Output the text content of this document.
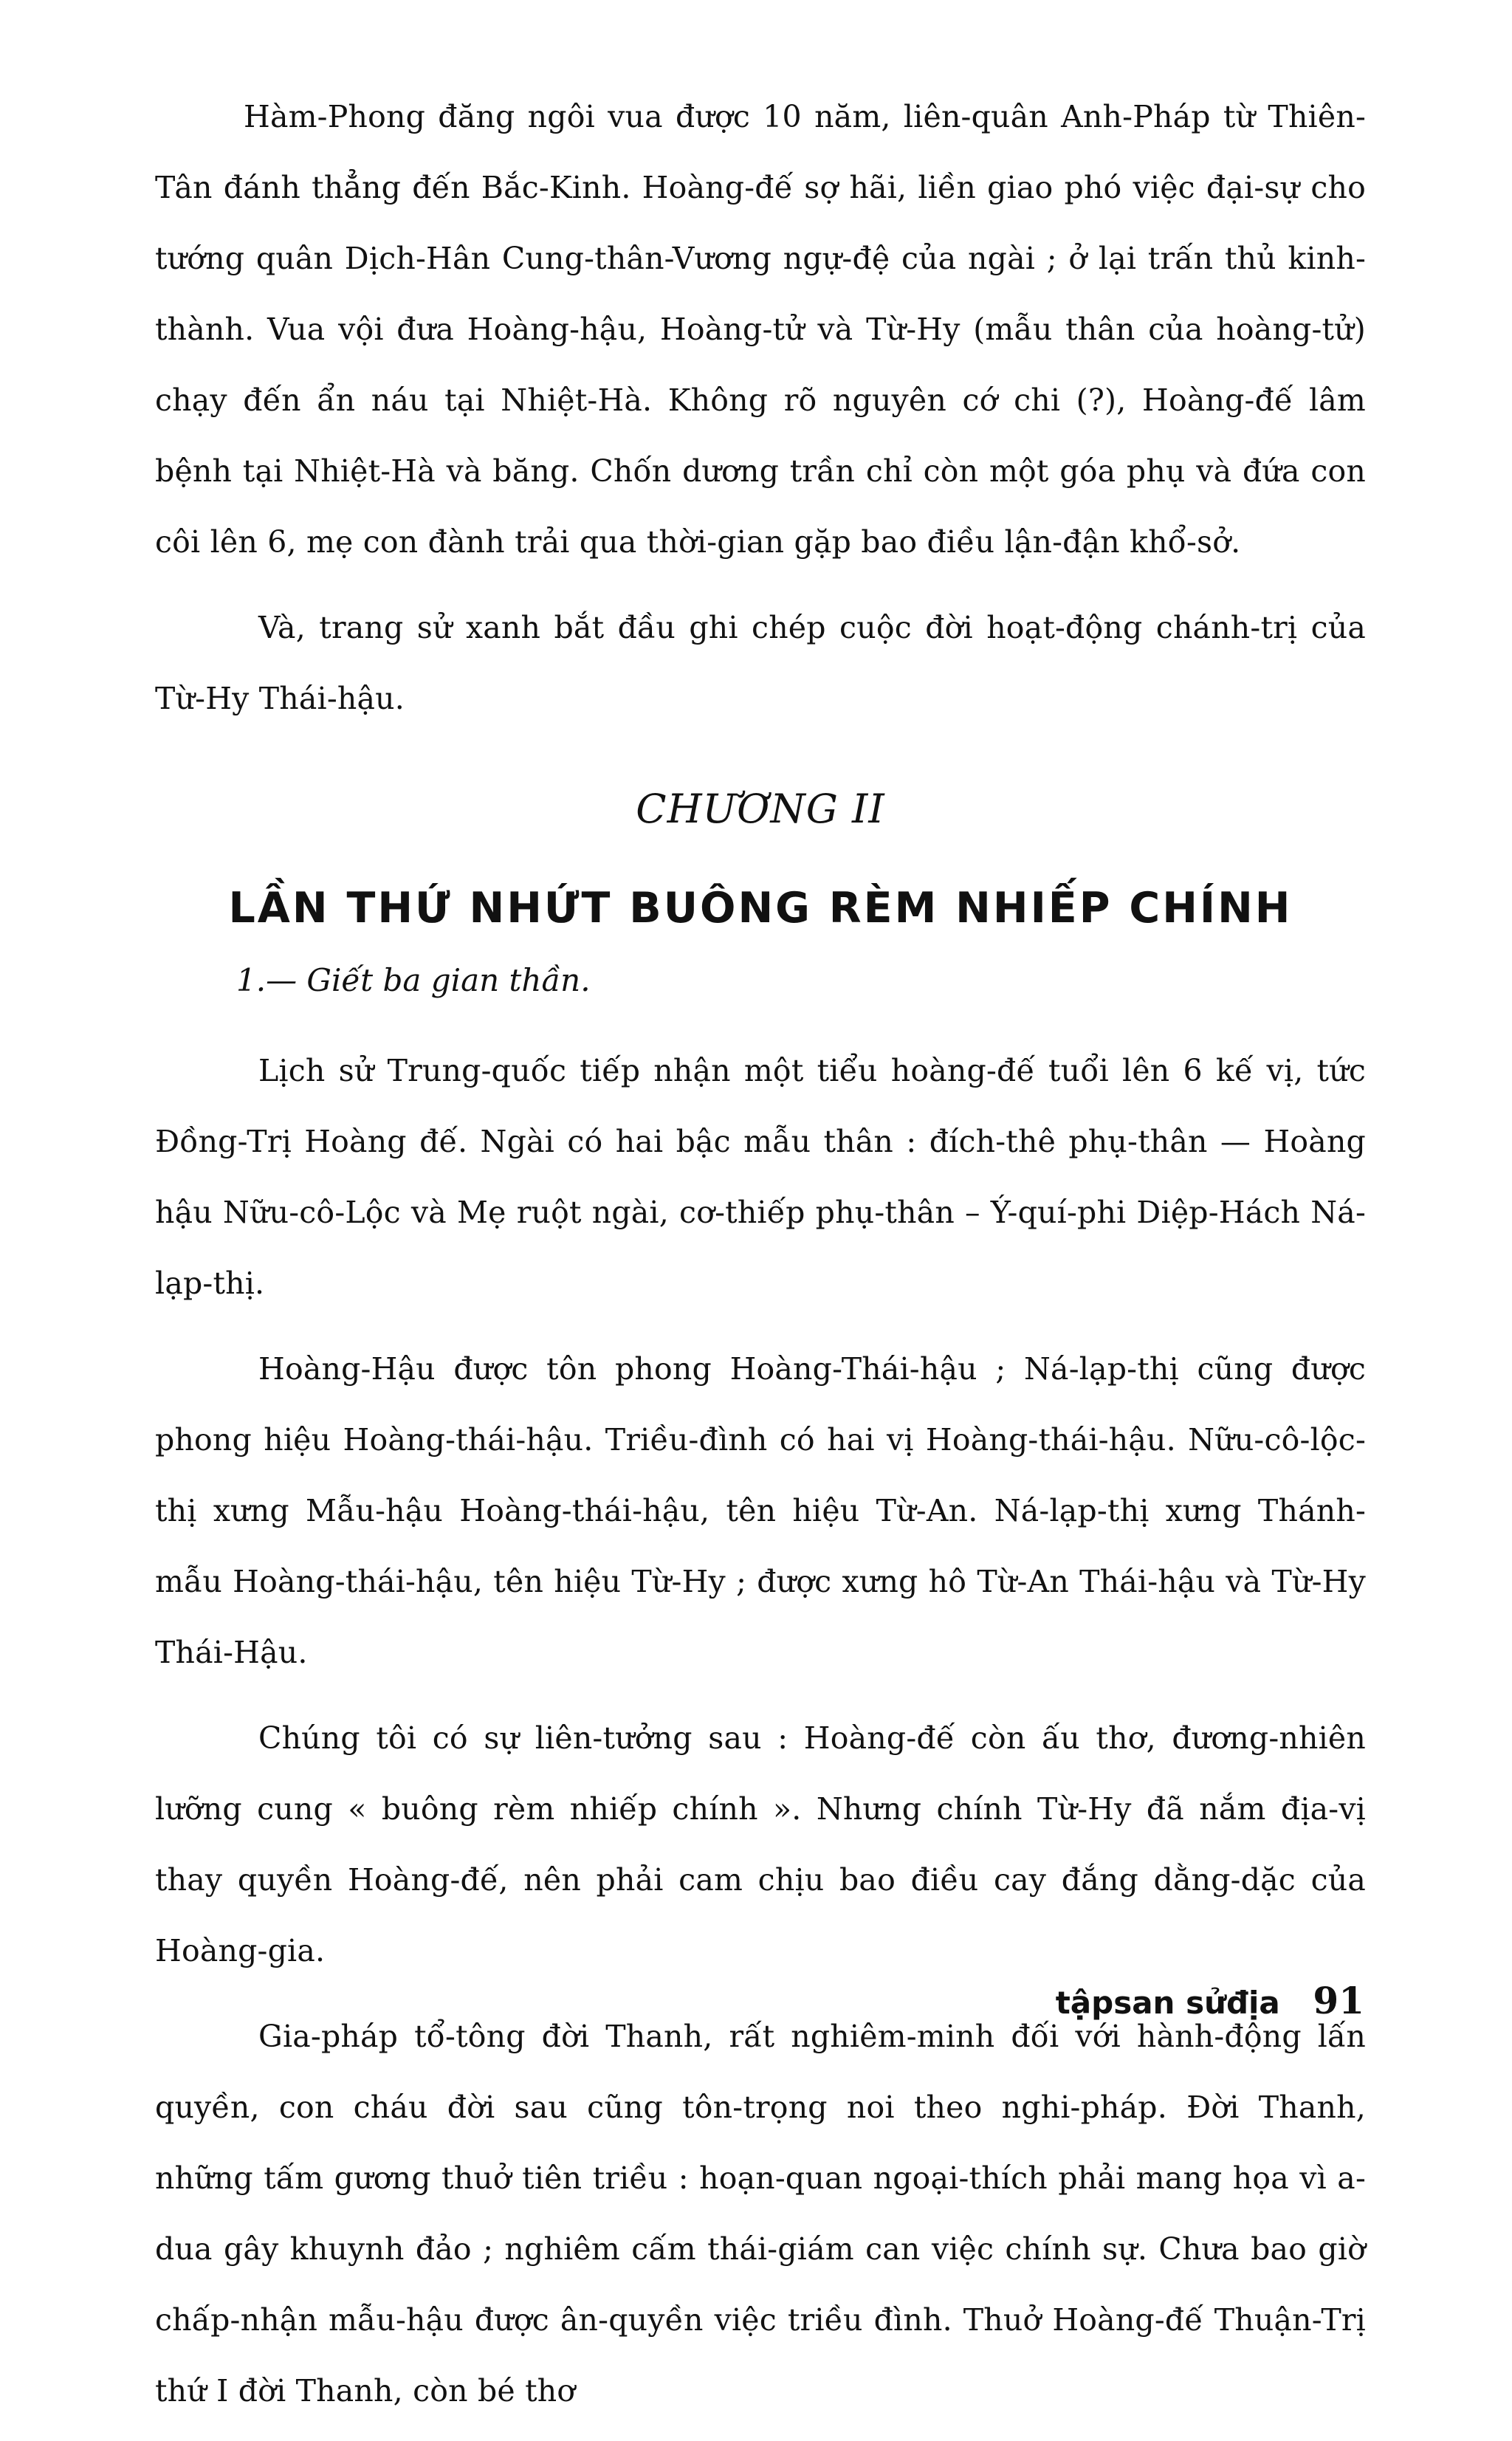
Hàm-Phong đăng ngôi vua được 10 năm, liên-quân Anh-Pháp từ Thiên-Tân đánh thẳng đến Bắc-Kinh. Hoàng-đế sợ hãi, liền giao phó việc đại-sự cho tướng quân Dịch-Hân Cung-thân-Vương ngự-đệ của ngài ; ở lại trấn thủ kinh-thành. Vua vội đưa Hoàng-hậu, Hoàng-tử và Từ-Hy (mẫu thân của hoàng-tử) chạy đến ẩn náu tại Nhiệt-Hà. Không rõ nguyên cớ chi (?), Hoàng-đế lâm bệnh tại Nhiệt-Hà và băng. Chốn dương trần chỉ còn một góa phụ và đứa con côi lên 6, mẹ con đành trải qua thời-gian gặp bao điều lận-đận khổ-sở.

Và, trang sử xanh bắt đầu ghi chép cuộc đời hoạt-động chánh-trị của Từ-Hy Thái-hậu.

CHƯƠNG II
LẦN THỨ NHỨT BUÔNG RÈM NHIẾP CHÍNH
1.— Giết ba gian thần.

Lịch sử Trung-quốc tiếp nhận một tiểu hoàng-đế tuổi lên 6 kế vị, tức Đồng-Trị Hoàng đế. Ngài có hai bậc mẫu thân : đích-thê phụ-thân — Hoàng hậu Nữu-cô-Lộc và Mẹ ruột ngài, cơ-thiếp phụ-thân – Ý-quí-phi Diệp-Hách Ná-lạp-thị.

Hoàng-Hậu được tôn phong Hoàng-Thái-hậu ; Ná-lạp-thị cũng được phong hiệu Hoàng-thái-hậu. Triều-đình có hai vị Hoàng-thái-hậu. Nữu-cô-lộc-thị xưng Mẫu-hậu Hoàng-thái-hậu, tên hiệu Từ-An. Ná-lạp-thị xưng Thánh-mẫu Hoàng-thái-hậu, tên hiệu Từ-Hy ; được xưng hô Từ-An Thái-hậu và Từ-Hy Thái-Hậu.

Chúng tôi có sự liên-tưởng sau : Hoàng-đế còn ấu thơ, đương-nhiên lưỡng cung « buông rèm nhiếp chính ». Nhưng chính Từ-Hy đã nắm địa-vị thay quyền Hoàng-đế, nên phải cam chịu bao điều cay đắng dằng-dặc của Hoàng-gia.

Gia-pháp tổ-tông đời Thanh, rất nghiêm-minh đối với hành-động lấn quyền, con cháu đời sau cũng tôn-trọng noi theo nghi-pháp. Đời Thanh, những tấm gương thuở tiên triều : hoạn-quan ngoại-thích phải mang họa vì a-dua gây khuynh đảo ; nghiêm cấm thái-giám can việc chính sự. Chưa bao giờ chấp-nhận mẫu-hậu được ân-quyền việc triều đình. Thuở Hoàng-đế Thuận-Trị thứ I đời Thanh, còn bé thơ

tậpsan sửđịa 91
